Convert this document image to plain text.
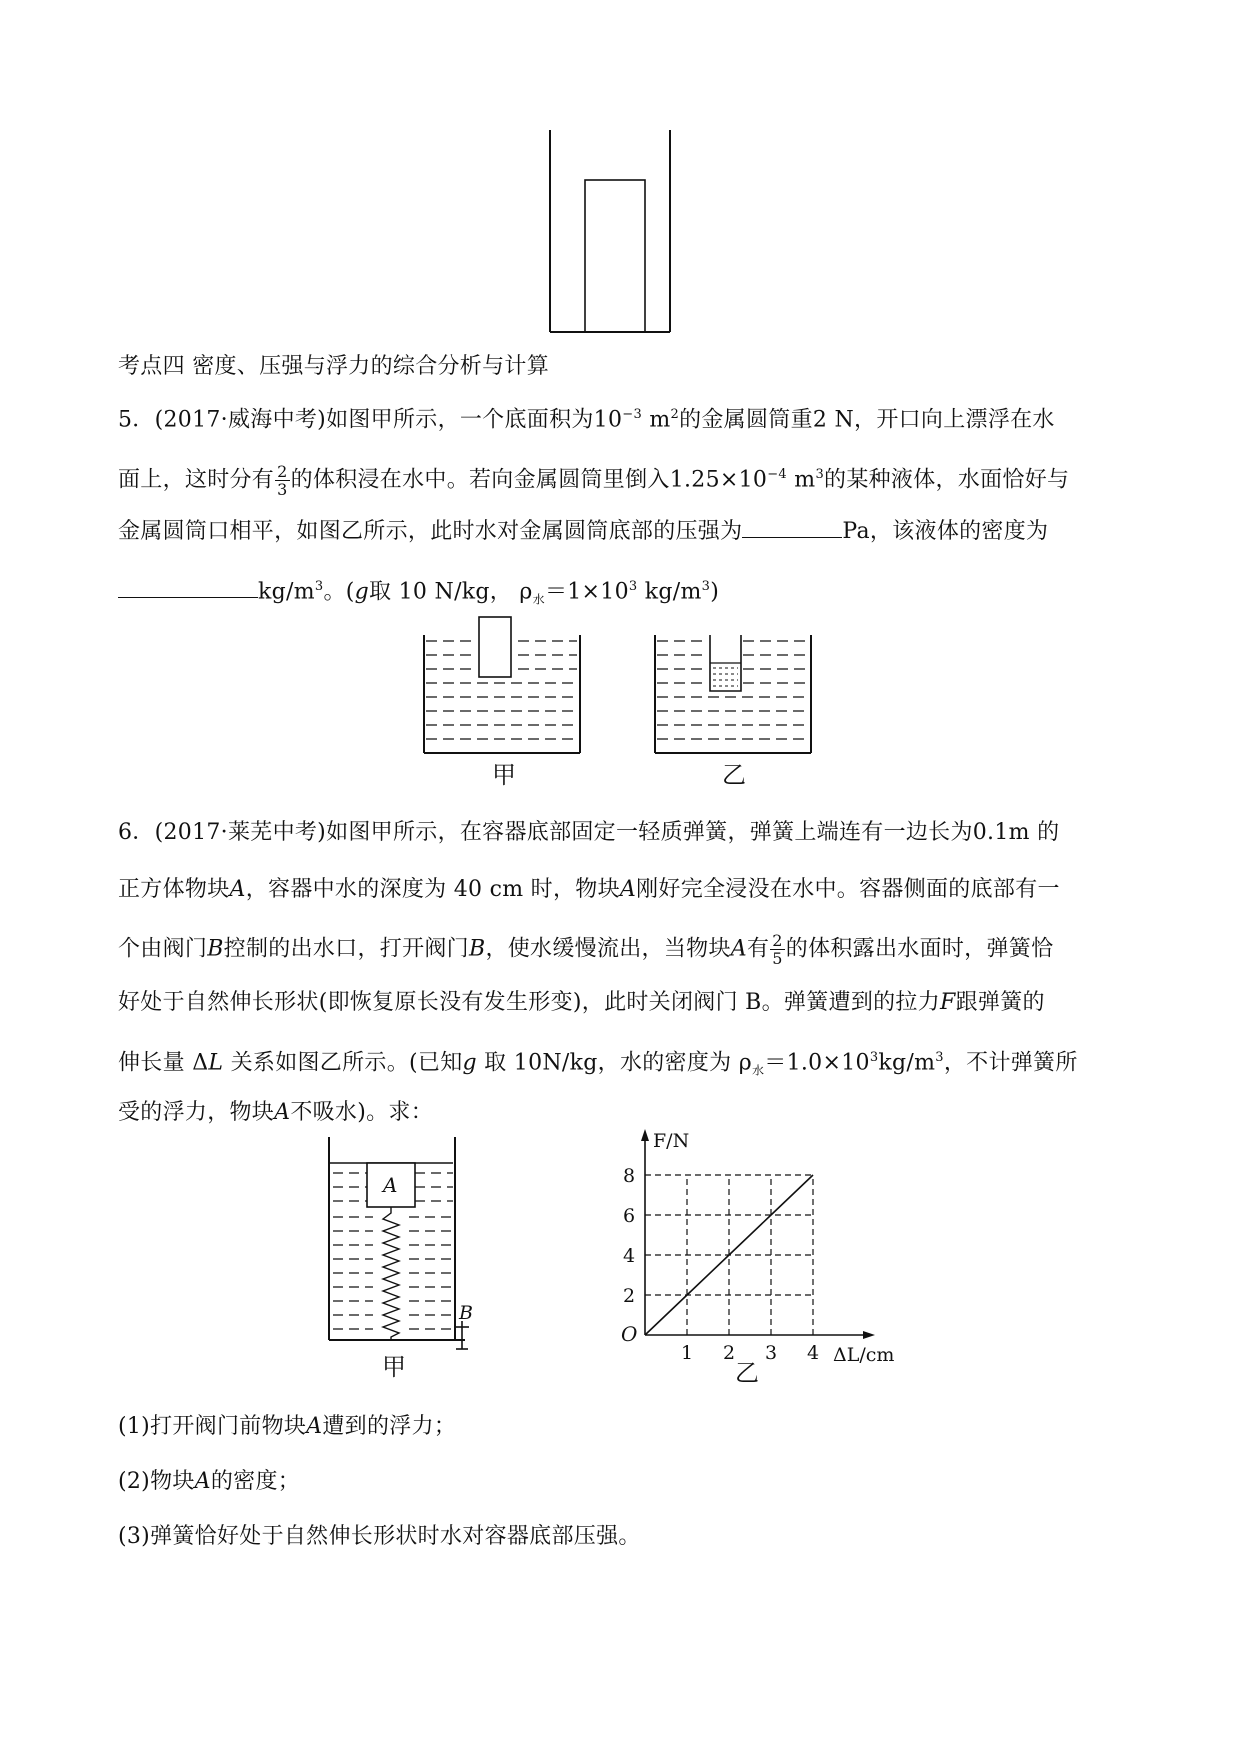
考点四 密度、压强与浮力的综合分析与计算
5．(2017·威海中考)如图甲所示，一个底面积为$10^{-3}$ $m^2$的金属圆筒重2 N，开口向上漂浮在水
面上，这时分有 $\frac{2}{3}$ 的体积浸在水中。若向金属圆筒里倒入$1.25\times 10^{-4}$ $m^3$的某种液体，水面恰好与
金属圆筒口相平，如图乙所示，此时水对金属圆筒底部的压强为	Pa，该液体的密度为
$kg/m^3$。(g取 10 N/kg， $\rho_水=1\times 10^3$ $kg/m^3$)
甲	乙
6．(2017·莱芜中考)如图甲所示，在容器底部固定一轻质弹簧，弹簧上端连有一边长为0.1m 的
正方体物块A，容器中水的深度为 40 cm 时，物块A刚好完全浸没在水中。容器侧面的底部有一
个由阀门B控制的出水口，打开阀门B，使水缓慢流出，当物块A有 $\frac{2}{5}$ 的体积露出水面时，弹簧恰
好处于自然伸长形状(即恢复原长没有发生形变)，此时关闭阀门 B。弹簧遭到的拉力F跟弹簧的
伸长量 ΔL 关系如图乙所示。(已知g 取 10N/kg，水的密度为 $\rho_水=1.0\times 10^3kg/m^3$，不计弹簧所
受的浮力，物块A不吸水)。求：
A
B
甲	1 2 3 4
2
4
6
8
O
ΔL/cm
F/N
乙
(1)打开阀门前物块A遭到的浮力；
(2)物块A的密度；
(3)弹簧恰好处于自然伸长形状时水对容器底部压强。
